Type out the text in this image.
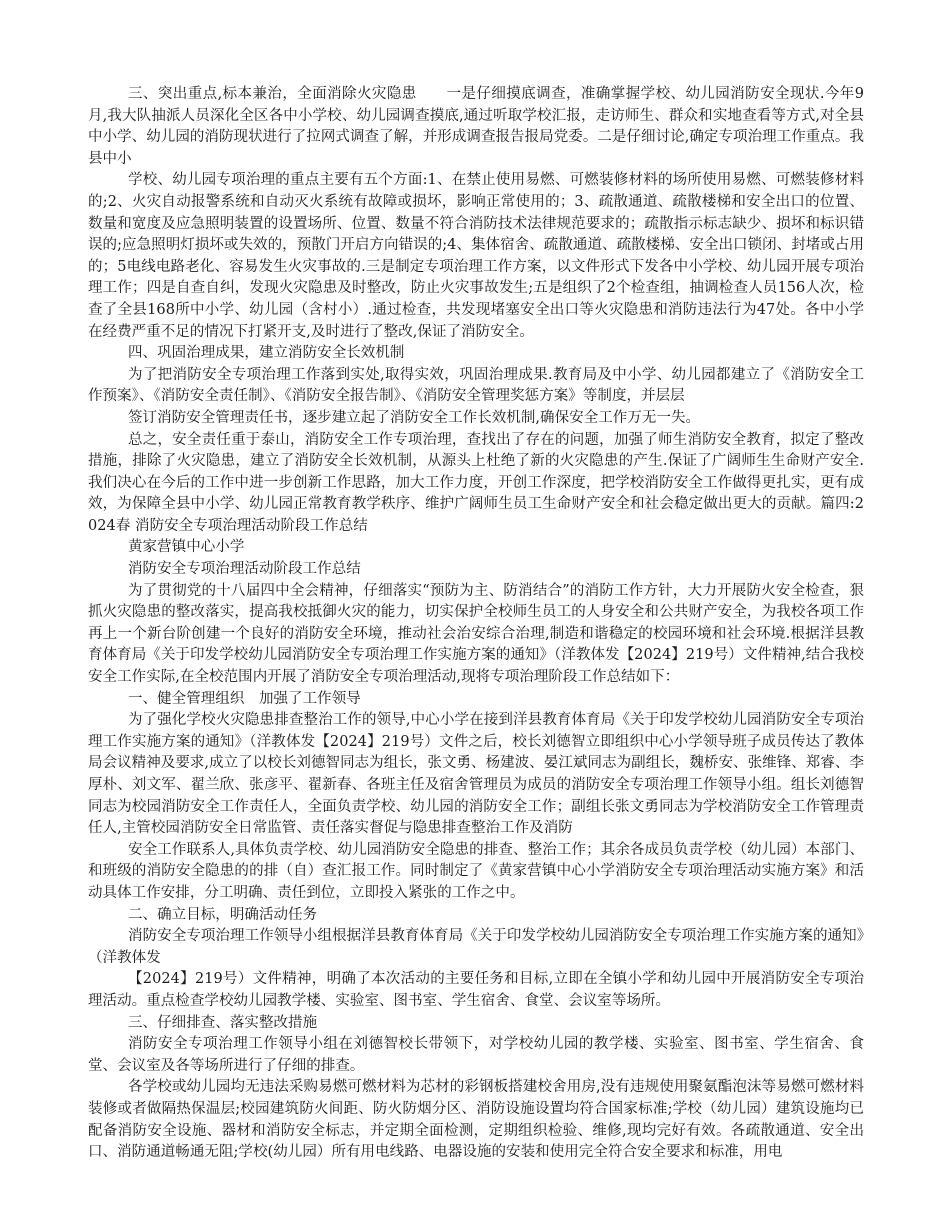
三、突出重点,标本兼治，全面消除火灾隐患　　一是仔细摸底调查，准确掌握学校、幼儿园消防安全现状.今年9月,我大队抽派人员深化全区各中小学校、幼儿园调查摸底,通过听取学校汇报，走访师生、群众和实地查看等方式,对全县中小学、幼儿园的消防现状进行了拉网式调查了解，并形成调查报告报局党委。二是仔细讨论,确定专项治理工作重点。我县中小

学校、幼儿园专项治理的重点主要有五个方面:1、在禁止使用易燃、可燃装修材料的场所使用易燃、可燃装修材料的;2、火灾自动报警系统和自动灭火系统有故障或损坏，影响正常使用的；3、疏散通道、疏散楼梯和安全出口的位置、数量和宽度及应急照明装置的设置场所、位置、数量不符合消防技术法律规范要求的；疏散指示标志缺少、损坏和标识错误的;应急照明灯损坏或失效的，预散门开启方向错误的;4、集体宿舍、疏散通道、疏散楼梯、安全出口锁闭、封堵或占用的；5电线电路老化、容易发生火灾事故的.三是制定专项治理工作方案，以文件形式下发各中小学校、幼儿园开展专项治理工作；四是自查自纠，发现火灾隐患及时整改，防止火灾事故发生;五是组织了2个检查组，抽调检查人员156人次，检查了全县168所中小学、幼儿园（含村小）.通过检查，共发现堵塞安全出口等火灾隐患和消防违法行为47处。各中小学在经费严重不足的情况下打紧开支,及时进行了整改,保证了消防安全。

四、巩固治理成果，建立消防安全长效机制

为了把消防安全专项治理工作落到实处,取得实效，巩固治理成果.教育局及中小学、幼儿园都建立了《消防安全工作预案》、《消防安全责任制》、《消防安全报告制》、《消防安全管理奖惩方案》等制度，并层层

签订消防安全管理责任书，逐步建立起了消防安全工作长效机制,确保安全工作万无一失。

总之，安全责任重于泰山，消防安全工作专项治理，查找出了存在的问题，加强了师生消防安全教育，拟定了整改措施，排除了火灾隐患，建立了消防安全长效机制，从源头上杜绝了新的火灾隐患的产生.保证了广阔师生生命财产安全.我们决心在今后的工作中进一步创新工作思路，加大工作力度，开创工作深度，把学校消防安全工作做得更扎实，更有成效，为保障全县中小学、幼儿园正常教育教学秩序、维护广阔师生员工生命财产安全和社会稳定做出更大的贡献。篇四:2024春 消防安全专项治理活动阶段工作总结

黄家营镇中心小学

消防安全专项治理活动阶段工作总结

为了贯彻党的十八届四中全会精神，仔细落实“预防为主、防消结合”的消防工作方针，大力开展防火安全检查，狠抓火灾隐患的整改落实，提高我校抵御火灾的能力，切实保护全校师生员工的人身安全和公共财产安全，为我校各项工作再上一个新台阶创建一个良好的消防安全环境，推动社会治安综合治理,制造和谐稳定的校园环境和社会环境.根据洋县教育体育局《关于印发学校幼儿园消防安全专项治理工作实施方案的通知》（洋教体发【2024】219号）文件精神,结合我校安全工作实际,在全校范围内开展了消防安全专项治理活动,现将专项治理阶段工作总结如下：

一、健全管理组织　加强了工作领导

为了强化学校火灾隐患排查整治工作的领导,中心小学在接到洋县教育体育局《关于印发学校幼儿园消防安全专项治理工作实施方案的通知》（洋教体发【2024】219号）文件之后，校长刘德智立即组织中心小学领导班子成员传达了教体局会议精神及要求,成立了以校长刘德智同志为组长，张文勇、杨建波、晏江斌同志为副组长，魏桥安、张维锋、郑睿、李厚朴、刘文军、翟兰欣、张彦平、翟新春、各班主任及宿舍管理员为成员的消防安全专项治理工作领导小组。组长刘德智同志为校园消防安全工作责任人，全面负责学校、幼儿园的消防安全工作；副组长张文勇同志为学校消防安全工作管理责任人,主管校园消防安全日常监管、责任落实督促与隐患排查整治工作及消防

安全工作联系人,具体负责学校、幼儿园消防安全隐患的排查、整治工作；其余各成员负责学校（幼儿园）本部门、和班级的消防安全隐患的的排（自）查汇报工作。同时制定了《黄家营镇中心小学消防安全专项治理活动实施方案》和活动具体工作安排，分工明确、责任到位，立即投入紧张的工作之中。

二、确立目标，明确活动任务

消防安全专项治理工作领导小组根据洋县教育体育局《关于印发学校幼儿园消防安全专项治理工作实施方案的通知》（洋教体发

【2024】219号）文件精神，明确了本次活动的主要任务和目标,立即在全镇小学和幼儿园中开展消防安全专项治理活动。重点检查学校幼儿园教学楼、实验室、图书室、学生宿舍、食堂、会议室等场所。

三、仔细排查、落实整改措施

消防安全专项治理工作领导小组在刘德智校长带领下，对学校幼儿园的教学楼、实验室、图书室、学生宿舍、食堂、会议室及各等场所进行了仔细的排查。

各学校或幼儿园均无违法采购易燃可燃材料为芯材的彩钢板搭建校舍用房,没有违规使用聚氨酯泡沫等易燃可燃材料装修或者做隔热保温层;校园建筑防火间距、防火防烟分区、消防设施设置均符合国家标准;学校（幼儿园）建筑设施均已配备消防安全设施、器材和消防安全标志，并定期全面检测，定期组织检验、维修,现均完好有效。各疏散通道、安全出口、消防通道畅通无阻;学校(幼儿园）所有用电线路、电器设施的安装和使用完全符合安全要求和标准，用电
